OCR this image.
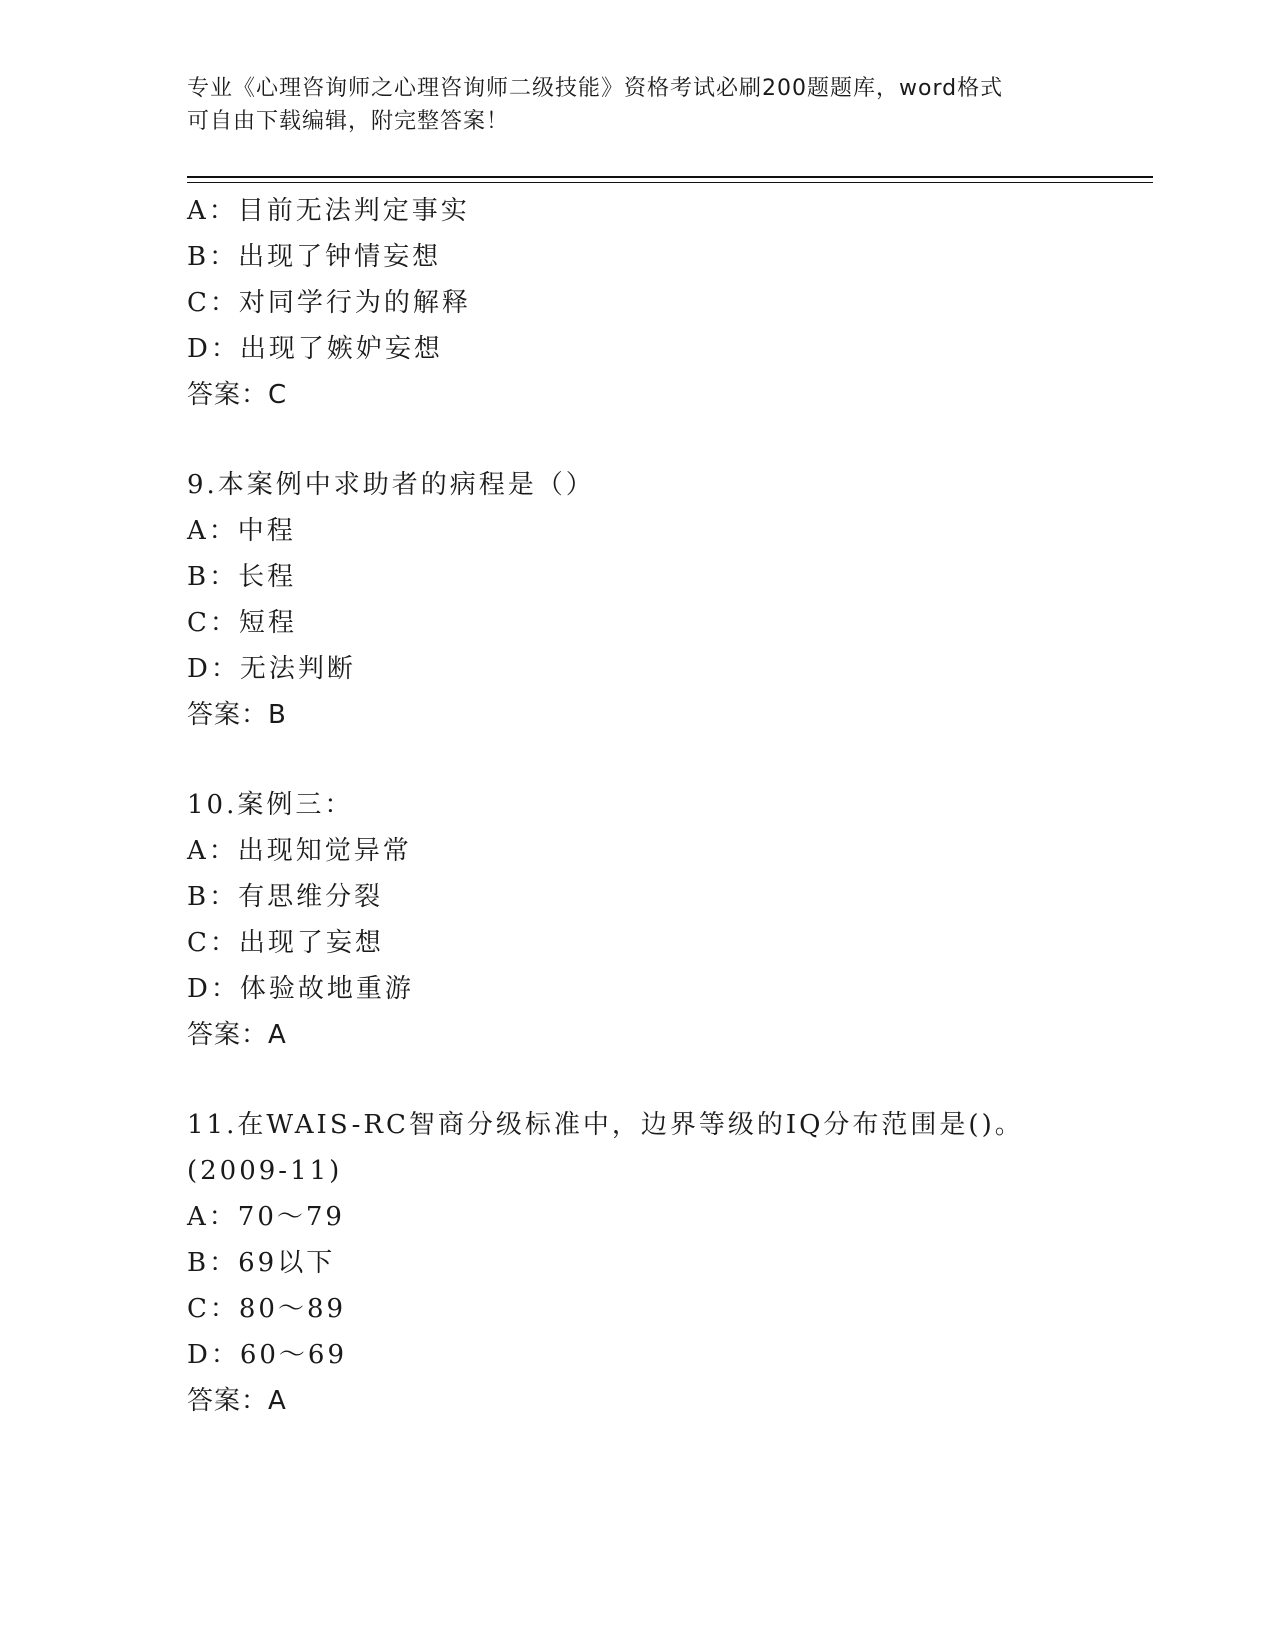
专业《心理咨询师之心理咨询师二级技能》资格考试必刷200题题库，word格式
可自由下载编辑，附完整答案！
A：目前无法判定事实
B：出现了钟情妄想
C：对同学行为的解释
D：出现了嫉妒妄想
答案：C
9.本案例中求助者的病程是（）
A：中程
B：长程
C：短程
D：无法判断
答案：B
10.案例三：
A：出现知觉异常
B：有思维分裂
C：出现了妄想
D：体验故地重游
答案：A
11.在WAIS-RC智商分级标准中，边界等级的IQ分布范围是()。
(2009-11)
A：70～79
B：69以下
C：80～89
D：60～69
答案：A
